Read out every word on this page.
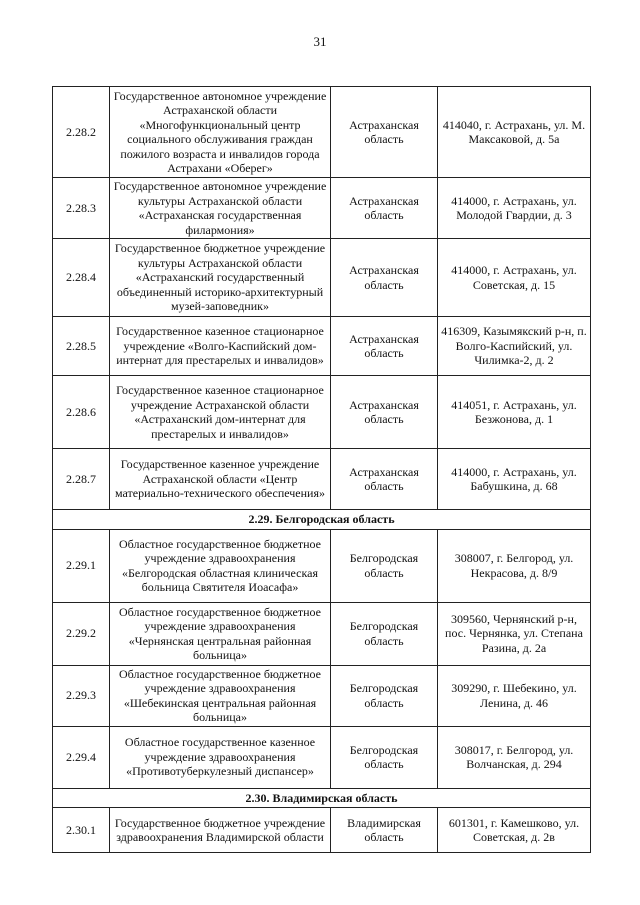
31
2.28.2	Государственное автономное учреждение Астраханской области «Многофункциональный центр социального обслуживания граждан пожилого возраста и инвалидов города Астрахани «Оберег»	Астраханская область	414040, г. Астрахань, ул. М. Максаковой, д. 5а
2.28.3	Государственное автономное учреждение культуры Астраханской области «Астраханская государственная филармония»	Астраханская область	414000, г. Астрахань, ул. Молодой Гвардии, д. 3
2.28.4	Государственное бюджетное учреждение культуры Астраханской области «Астраханский государственный объединенный историко-архитектурный музей-заповедник»	Астраханская область	414000, г. Астрахань, ул. Советская, д. 15
2.28.5	Государственное казенное стационарное учреждение «Волго-Каспийский дом-интернат для престарелых и инвалидов»	Астраханская область	416309, Казымякский р-н, п. Волго-Каспийский, ул. Чилимка-2, д. 2
2.28.6	Государственное казенное стационарное учреждение Астраханской области «Астраханский дом-интернат для престарелых и инвалидов»	Астраханская область	414051, г. Астрахань, ул. Безжонова, д. 1
2.28.7	Государственное казенное учреждение Астраханской области «Центр материально-технического обеспечения»	Астраханская область	414000, г. Астрахань, ул. Бабушкина, д. 68
2.29. Белгородская область			
2.29.1	Областное государственное бюджетное учреждение здравоохранения «Белгородская областная клиническая больница Святителя Иоасафа»	Белгородская область	308007, г. Белгород, ул. Некрасова, д. 8/9
2.29.2	Областное государственное бюджетное учреждение здравоохранения «Чернянская центральная районная больница»	Белгородская область	309560, Чернянский р-н, пос. Чернянка, ул. Степана Разина, д. 2а
2.29.3	Областное государственное бюджетное учреждение здравоохранения «Шебекинская центральная районная больница»	Белгородская область	309290, г. Шебекино, ул. Ленина, д. 46
2.29.4	Областное государственное казенное учреждение здравоохранения «Противотуберкулезный диспансер»	Белгородская область	308017, г. Белгород, ул. Волчанская, д. 294
2.30. Владимирская область			
2.30.1	Государственное бюджетное учреждение здравоохранения Владимирской области	Владимирская область	601301, г. Камешково, ул. Советская, д. 2в
